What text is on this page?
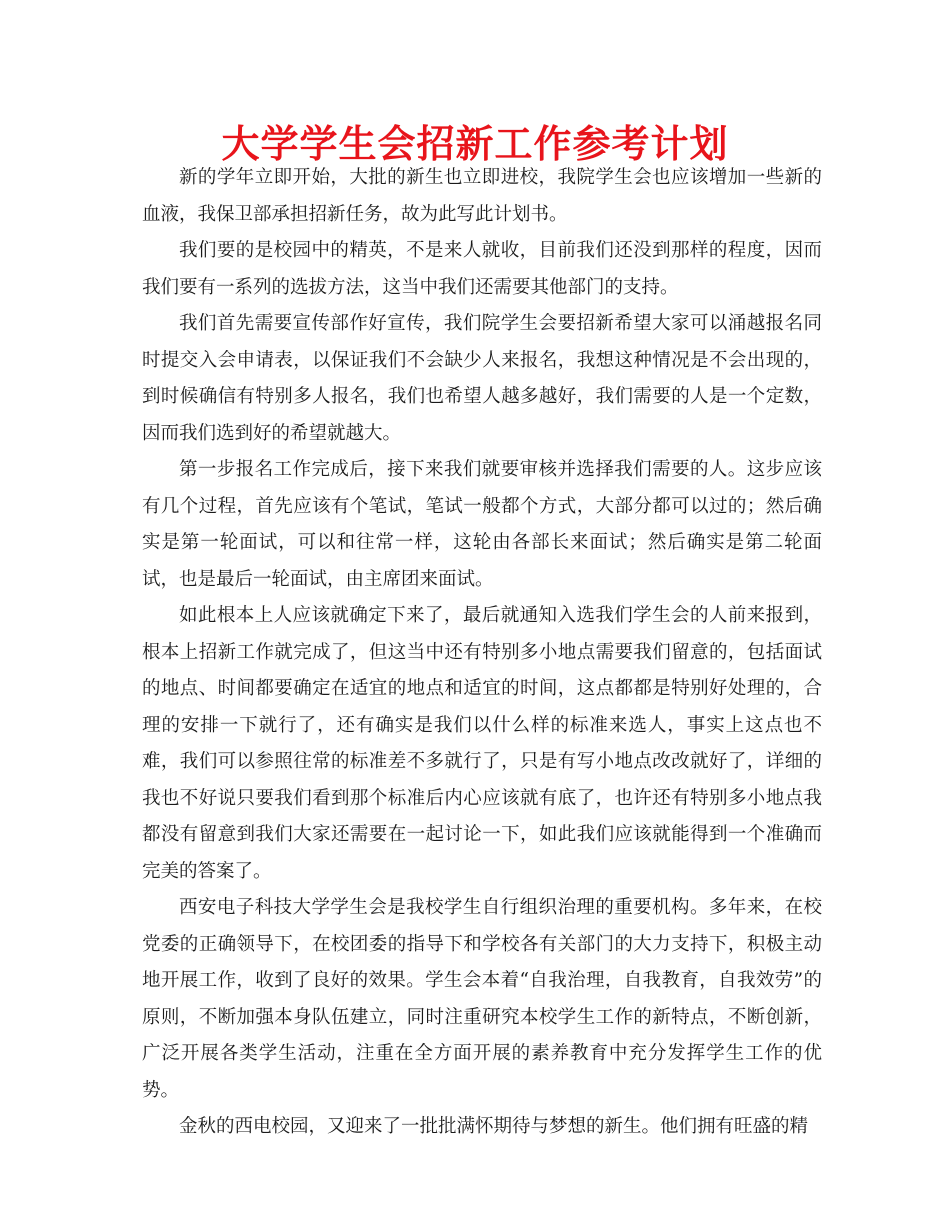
大学学生会招新工作参考计划

新的学年立即开始，大批的新生也立即进校，我院学生会也应该增加一些新的血液，我保卫部承担招新任务，故为此写此计划书。

我们要的是校园中的精英，不是来人就收，目前我们还没到那样的程度，因而我们要有一系列的选拔方法，这当中我们还需要其他部门的支持。

我们首先需要宣传部作好宣传，我们院学生会要招新希望大家可以涌越报名同时提交入会申请表，以保证我们不会缺少人来报名，我想这种情况是不会出现的，到时候确信有特别多人报名，我们也希望人越多越好，我们需要的人是一个定数，因而我们选到好的希望就越大。

第一步报名工作完成后，接下来我们就要审核并选择我们需要的人。这步应该有几个过程，首先应该有个笔试，笔试一般都个方式，大部分都可以过的；然后确实是第一轮面试，可以和往常一样，这轮由各部长来面试；然后确实是第二轮面试，也是最后一轮面试，由主席团来面试。

如此根本上人应该就确定下来了，最后就通知入选我们学生会的人前来报到，根本上招新工作就完成了，但这当中还有特别多小地点需要我们留意的，包括面试的地点、时间都要确定在适宜的地点和适宜的时间，这点都都是特别好处理的，合理的安排一下就行了，还有确实是我们以什么样的标准来选人，事实上这点也不难，我们可以参照往常的标准差不多就行了，只是有写小地点改改就好了，详细的我也不好说只要我们看到那个标准后内心应该就有底了，也许还有特别多小地点我都没有留意到我们大家还需要在一起讨论一下，如此我们应该就能得到一个准确而完美的答案了。

西安电子科技大学学生会是我校学生自行组织治理的重要机构。多年来，在校党委的正确领导下，在校团委的指导下和学校各有关部门的大力支持下，积极主动地开展工作，收到了良好的效果。学生会本着“自我治理，自我教育，自我效劳”的原则，不断加强本身队伍建立，同时注重研究本校学生工作的新特点，不断创新，广泛开展各类学生活动，注重在全方面开展的素养教育中充分发挥学生工作的优势。

金秋的西电校园，又迎来了一批批满怀期待与梦想的新生。他们拥有旺盛的精
